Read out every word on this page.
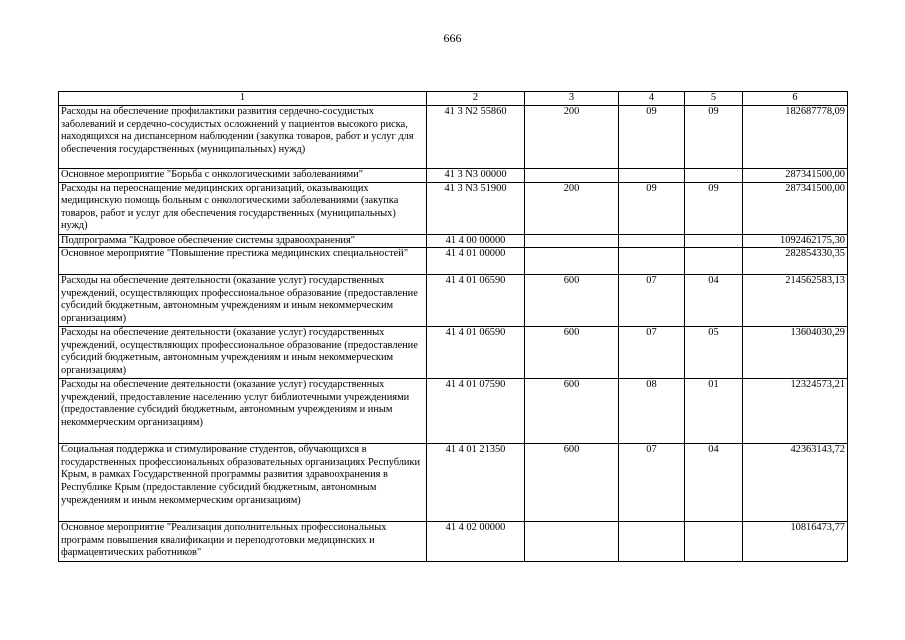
666
1	2	3	4	5	6
Расходы на обеспечение профилактики развития сердечно-сосудистых заболеваний и сердечно-сосудистых осложнений у пациентов высокого риска, находящихся на диспансерном наблюдении (закупка товаров, работ и услуг для обеспечения государственных (муниципальных) нужд)	41 3 N2 55860	200	09	09	182687778,09
Основное мероприятие "Борьба с онкологическими заболеваниями"	41 3 N3 00000				287341500,00
Расходы на переоснащение медицинских организаций, оказывающих медицинскую помощь больным с онкологическими заболеваниями (закупка товаров, работ и услуг для обеспечения государственных (муниципальных) нужд)	41 3 N3 51900	200	09	09	287341500,00
Подпрограмма "Кадровое обеспечение системы здравоохранения"	41 4 00 00000				1092462175,30
Основное мероприятие "Повышение престижа медицинских специальностей"	41 4 01 00000				282854330,35
Расходы на обеспечение деятельности (оказание услуг) государственных учреждений, осуществляющих профессиональное образование (предоставление субсидий бюджетным, автономным учреждениям и иным некоммерческим организациям)	41 4 01 06590	600	07	04	214562583,13
Расходы на обеспечение деятельности (оказание услуг) государственных учреждений, осуществляющих профессиональное образование (предоставление субсидий бюджетным, автономным учреждениям и иным некоммерческим организациям)	41 4 01 06590	600	07	05	13604030,29
Расходы на обеспечение деятельности (оказание услуг) государственных учреждений, предоставление населению услуг библиотечными учреждениями (предоставление субсидий бюджетным, автономным учреждениям и иным некоммерческим организациям)	41 4 01 07590	600	08	01	12324573,21
Социальная поддержка и стимулирование студентов, обучающихся в государственных профессиональных образовательных организациях Республики Крым, в рамках Государственной программы развития здравоохранения в Республике Крым (предоставление субсидий бюджетным, автономным учреждениям и иным некоммерческим организациям)	41 4 01 21350	600	07	04	42363143,72
Основное мероприятие "Реализация дополнительных профессиональных программ повышения квалификации и переподготовки медицинских и фармацевтических работников"	41 4 02 00000				10816473,77
